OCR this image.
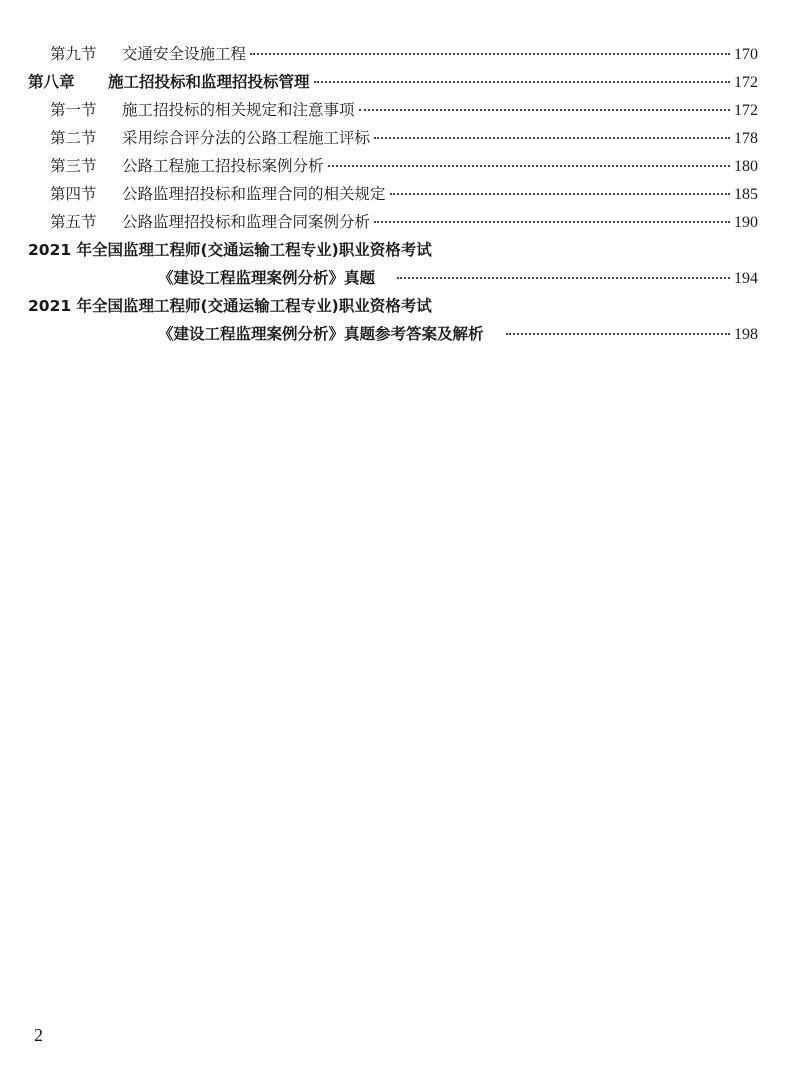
第九节 交通安全设施工程	170
第八章 施工招投标和监理招投标管理	172
第一节 施工招投标的相关规定和注意事项	172
第二节 采用综合评分法的公路工程施工评标	178
第三节 公路工程施工招投标案例分析	180
第四节 公路监理招投标和监理合同的相关规定	185
第五节 公路监理招投标和监理合同案例分析	190
2021 年全国监理工程师(交通运输工程专业)职业资格考试
《建设工程监理案例分析》真题	194
2021 年全国监理工程师(交通运输工程专业)职业资格考试
《建设工程监理案例分析》真题参考答案及解析	198
2
